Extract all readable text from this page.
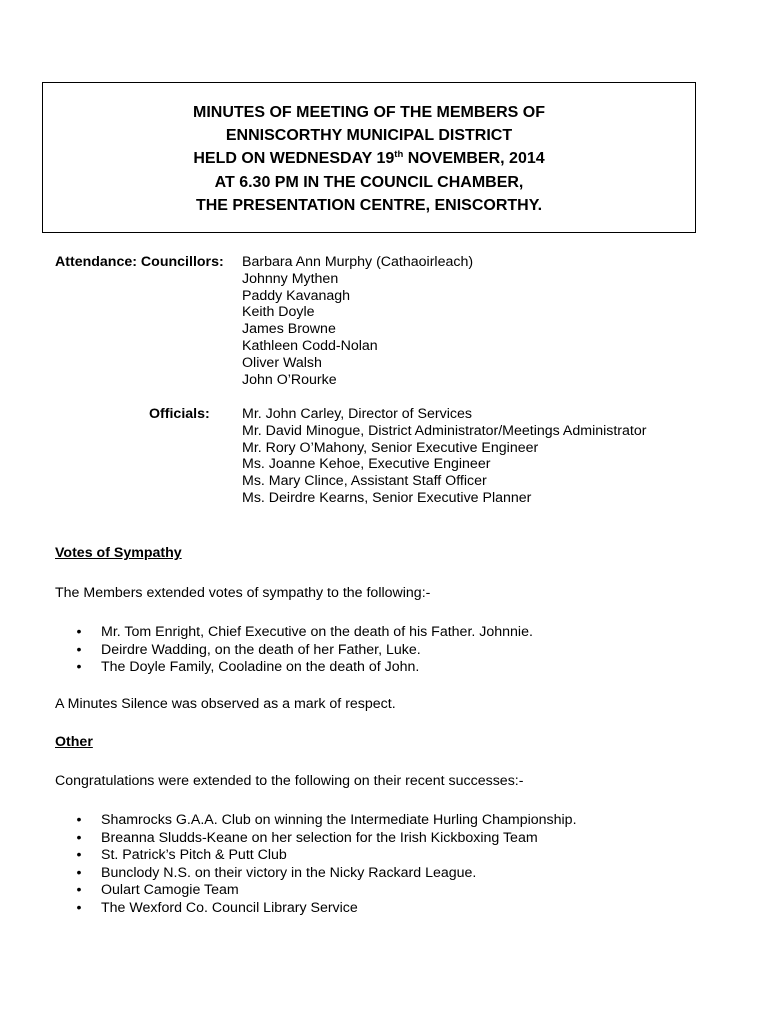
MINUTES OF MEETING OF THE MEMBERS OF
ENNISCORTHY MUNICIPAL DISTRICT
HELD ON WEDNESDAY 19th NOVEMBER, 2014
AT 6.30 PM IN THE COUNCIL CHAMBER,
THE PRESENTATION CENTRE, ENISCORTHY.
Attendance: Councillors: Barbara Ann Murphy (Cathaoirleach)
Johnny Mythen
Paddy Kavanagh
Keith Doyle
James Browne
Kathleen Codd-Nolan
Oliver Walsh
John O’Rourke
Officials: Mr. John Carley, Director of Services
Mr. David Minogue, District Administrator/Meetings Administrator
Mr. Rory O’Mahony, Senior Executive Engineer
Ms. Joanne Kehoe, Executive Engineer
Ms. Mary Clince, Assistant Staff Officer
Ms. Deirdre Kearns, Senior Executive Planner
Votes of Sympathy
The Members extended votes of sympathy to the following:-
• Mr. Tom Enright, Chief Executive on the death of his Father. Johnnie.
• Deirdre Wadding, on the death of her Father, Luke.
• The Doyle Family, Cooladine on the death of John.
A Minutes Silence was observed as a mark of respect.
Other
Congratulations were extended to the following on their recent successes:-
• Shamrocks G.A.A. Club on winning the Intermediate Hurling Championship.
• Breanna Sludds-Keane on her selection for the Irish Kickboxing Team
• St. Patrick’s Pitch & Putt Club
• Bunclody N.S. on their victory in the Nicky Rackard League.
• Oulart Camogie Team
• The Wexford Co. Council Library Service
